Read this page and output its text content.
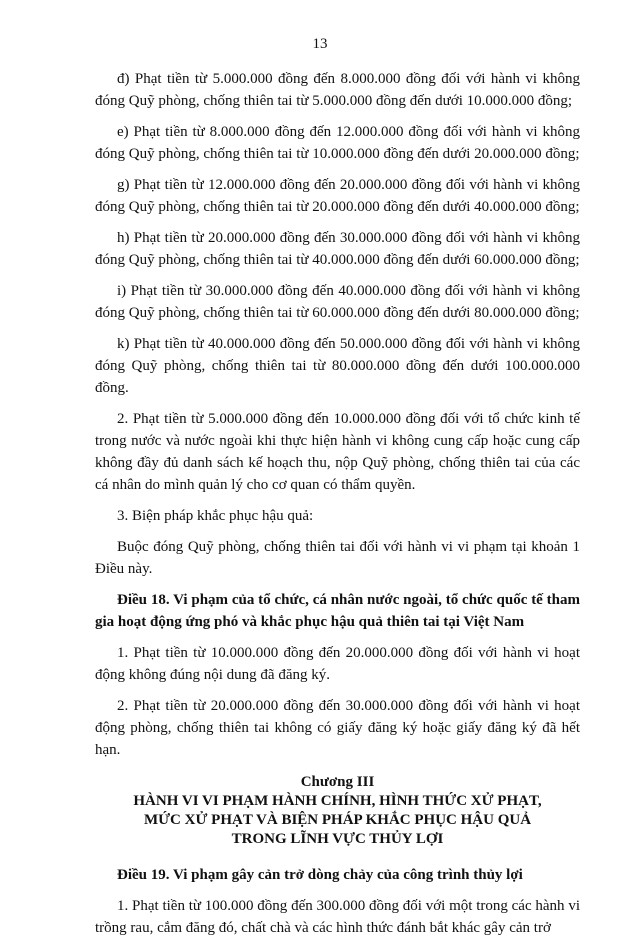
13

đ) Phạt tiền từ 5.000.000 đồng đến 8.000.000 đồng đối với hành vi không đóng Quỹ phòng, chống thiên tai từ 5.000.000 đồng đến dưới 10.000.000 đồng;

e) Phạt tiền từ 8.000.000 đồng đến 12.000.000 đồng đối với hành vi không đóng Quỹ phòng, chống thiên tai từ 10.000.000 đồng đến dưới 20.000.000 đồng;

g) Phạt tiền từ 12.000.000 đồng đến 20.000.000 đồng đối với hành vi không đóng Quỹ phòng, chống thiên tai từ 20.000.000 đồng đến dưới 40.000.000 đồng;

h) Phạt tiền từ 20.000.000 đồng đến 30.000.000 đồng đối với hành vi không đóng Quỹ phòng, chống thiên tai từ 40.000.000 đồng đến dưới 60.000.000 đồng;

i) Phạt tiền từ 30.000.000 đồng đến 40.000.000 đồng đối với hành vi không đóng Quỹ phòng, chống thiên tai từ 60.000.000 đồng đến dưới 80.000.000 đồng;

k) Phạt tiền từ 40.000.000 đồng đến 50.000.000 đồng đối với hành vi không đóng Quỹ phòng, chống thiên tai từ 80.000.000 đồng đến dưới 100.000.000 đồng.

2. Phạt tiền từ 5.000.000 đồng đến 10.000.000 đồng đối với tổ chức kinh tế trong nước và nước ngoài khi thực hiện hành vi không cung cấp hoặc cung cấp không đầy đủ danh sách kế hoạch thu, nộp Quỹ phòng, chống thiên tai của các cá nhân do mình quản lý cho cơ quan có thẩm quyền.

3. Biện pháp khắc phục hậu quả:

Buộc đóng Quỹ phòng, chống thiên tai đối với hành vi vi phạm tại khoản 1 Điều này.

Điều 18. Vi phạm của tổ chức, cá nhân nước ngoài, tổ chức quốc tế tham gia hoạt động ứng phó và khắc phục hậu quả thiên tai tại Việt Nam

1. Phạt tiền từ 10.000.000 đồng đến 20.000.000 đồng đối với hành vi hoạt động không đúng nội dung đã đăng ký.

2. Phạt tiền từ 20.000.000 đồng đến 30.000.000 đồng đối với hành vi hoạt động phòng, chống thiên tai không có giấy đăng ký hoặc giấy đăng ký đã hết hạn.

Chương III
HÀNH VI VI PHẠM HÀNH CHÍNH, HÌNH THỨC XỬ PHẠT,
MỨC XỬ PHẠT VÀ BIỆN PHÁP KHẮC PHỤC HẬU QUẢ
TRONG LĨNH VỰC THỦY LỢI

Điều 19. Vi phạm gây cản trở dòng chảy của công trình thủy lợi

1. Phạt tiền từ 100.000 đồng đến 300.000 đồng đối với một trong các hành vi trồng rau, cắm đăng đó, chất chà và các hình thức đánh bắt khác gây cản trở
